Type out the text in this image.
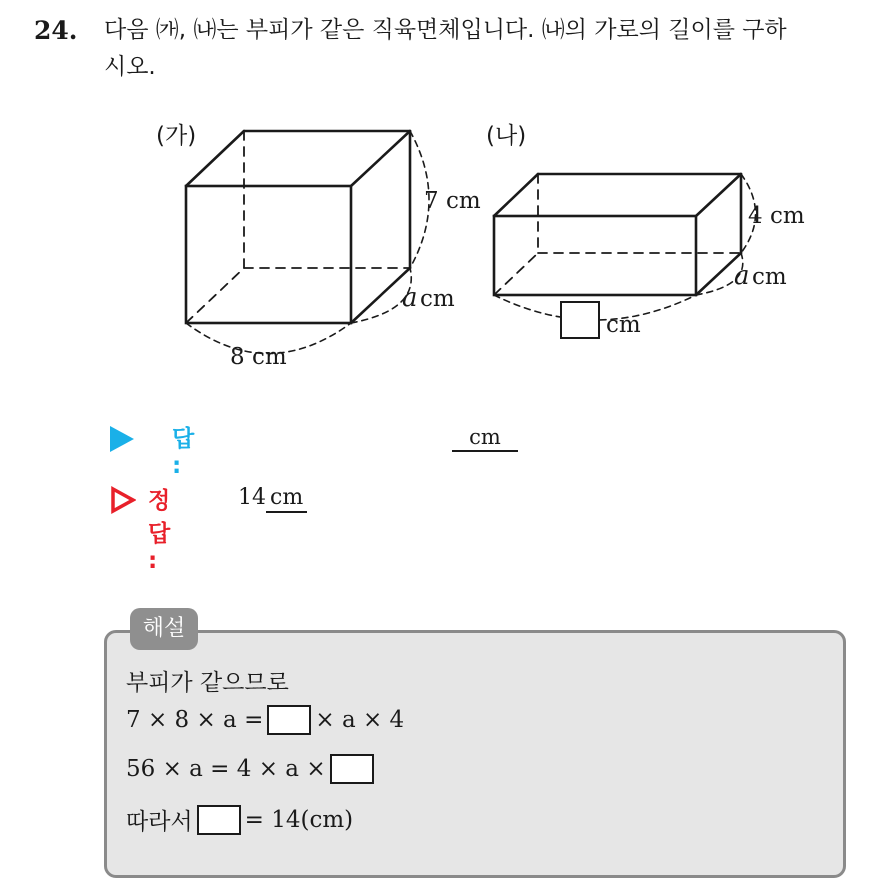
24. 다음 ㈎, ㈏는 부피가 같은 직육면체입니다. ㈏의 가로의 길이를 구하
시오.
(가)	(나)
7 cm
a cm
8 cm
4 cm
a cm
cm
답 :
cm
정답 :
14 cm
해설
부피가 같으므로
7 × 8 × a = × a × 4
56 × a = 4 × a ×
따라서 = 14(cm)
